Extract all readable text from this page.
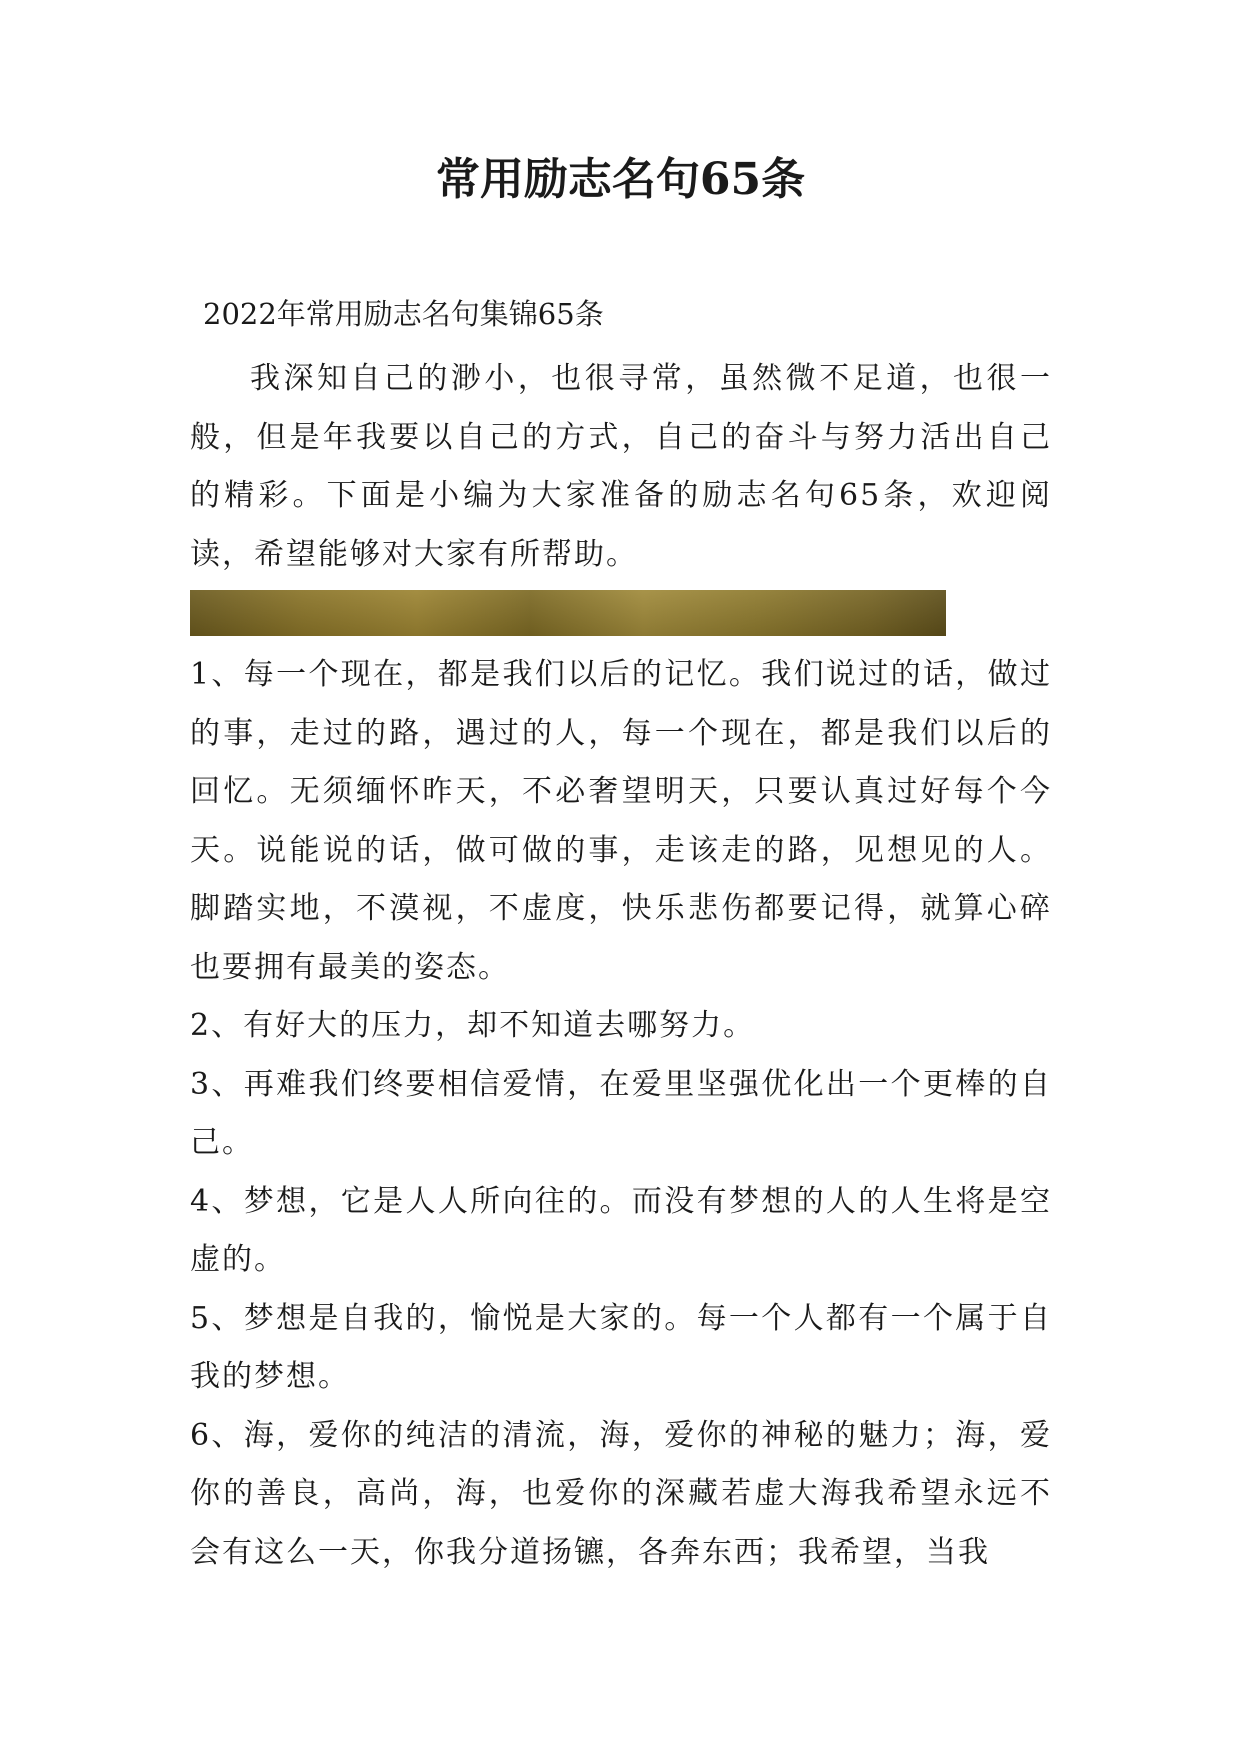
常用励志名句65条

2022年常用励志名句集锦65条

我深知自己的渺小，也很寻常，虽然微不足道，也很一般，但是年我要以自己的方式，自己的奋斗与努力活出自己的精彩。下面是小编为大家准备的励志名句65条，欢迎阅读，希望能够对大家有所帮助。

1、每一个现在，都是我们以后的记忆。我们说过的话，做过的事，走过的路，遇过的人，每一个现在，都是我们以后的回忆。无须缅怀昨天，不必奢望明天，只要认真过好每个今天。说能说的话，做可做的事，走该走的路，见想见的人。脚踏实地，不漠视，不虚度，快乐悲伤都要记得，就算心碎也要拥有最美的姿态。

2、有好大的压力，却不知道去哪努力。

3、再难我们终要相信爱情，在爱里坚强优化出一个更棒的自己。

4、梦想，它是人人所向往的。而没有梦想的人的人生将是空虚的。

5、梦想是自我的，愉悦是大家的。每一个人都有一个属于自我的梦想。

6、海，爱你的纯洁的清流，海，爱你的神秘的魅力；海，爱你的善良，高尚，海，也爱你的深藏若虚大海我希望永远不会有这么一天，你我分道扬镳，各奔东西；我希望，当我
